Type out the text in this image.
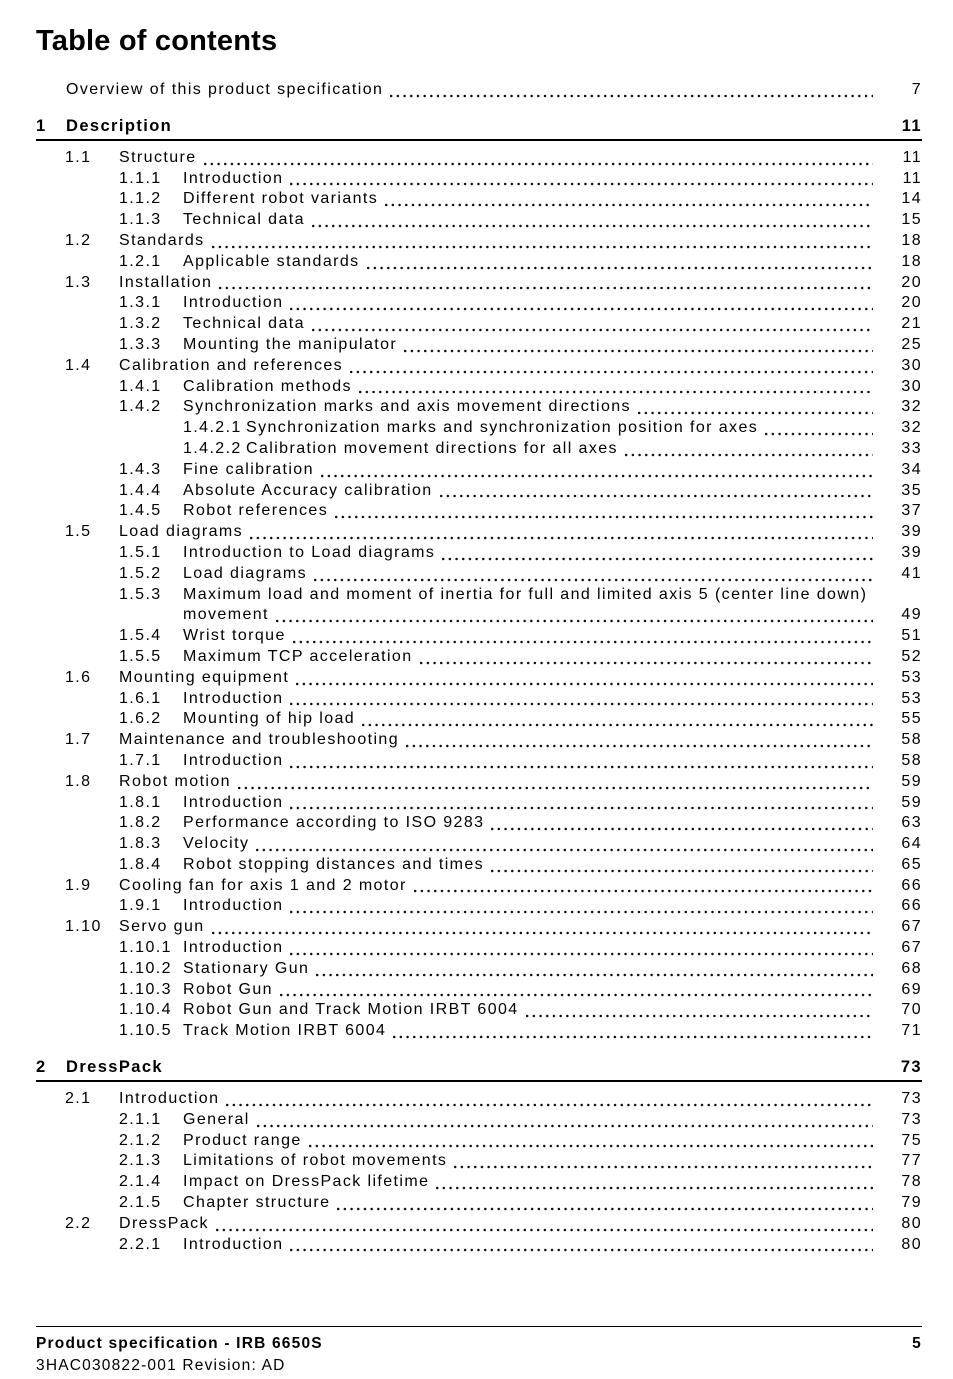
Table of contents
Overview of this product specification	7
1	Description	11
1.1	Structure	11
1.1.1	Introduction	11
1.1.2	Different robot variants	14
1.1.3	Technical data	15
1.2	Standards	18
1.2.1	Applicable standards	18
1.3	Installation	20
1.3.1	Introduction	20
1.3.2	Technical data	21
1.3.3	Mounting the manipulator	25
1.4	Calibration and references	30
1.4.1	Calibration methods	30
1.4.2	Synchronization marks and axis movement directions	32
1.4.2.1 Synchronization marks and synchronization position for axes	32
1.4.2.2 Calibration movement directions for all axes	33
1.4.3	Fine calibration	34
1.4.4	Absolute Accuracy calibration	35
1.4.5	Robot references	37
1.5	Load diagrams	39
1.5.1	Introduction to Load diagrams	39
1.5.2	Load diagrams	41
1.5.3	Maximum load and moment of inertia for full and limited axis 5 (center line down)
movement	49
1.5.4	Wrist torque	51
1.5.5	Maximum TCP acceleration	52
1.6	Mounting equipment	53
1.6.1	Introduction	53
1.6.2	Mounting of hip load	55
1.7	Maintenance and troubleshooting	58
1.7.1	Introduction	58
1.8	Robot motion	59
1.8.1	Introduction	59
1.8.2	Performance according to ISO 9283	63
1.8.3	Velocity	64
1.8.4	Robot stopping distances and times	65
1.9	Cooling fan for axis 1 and 2 motor	66
1.9.1	Introduction	66
1.10	Servo gun	67
1.10.1 Introduction	67
1.10.2 Stationary Gun	68
1.10.3 Robot Gun	69
1.10.4 Robot Gun and Track Motion IRBT 6004	70
1.10.5 Track Motion IRBT 6004	71
2	DressPack	73
2.1	Introduction	73
2.1.1	General	73
2.1.2	Product range	75
2.1.3	Limitations of robot movements	77
2.1.4	Impact on DressPack lifetime	78
2.1.5	Chapter structure	79
2.2	DressPack	80
2.2.1	Introduction	80
Product specification - IRB 6650S	5
3HAC030822-001 Revision: AD
